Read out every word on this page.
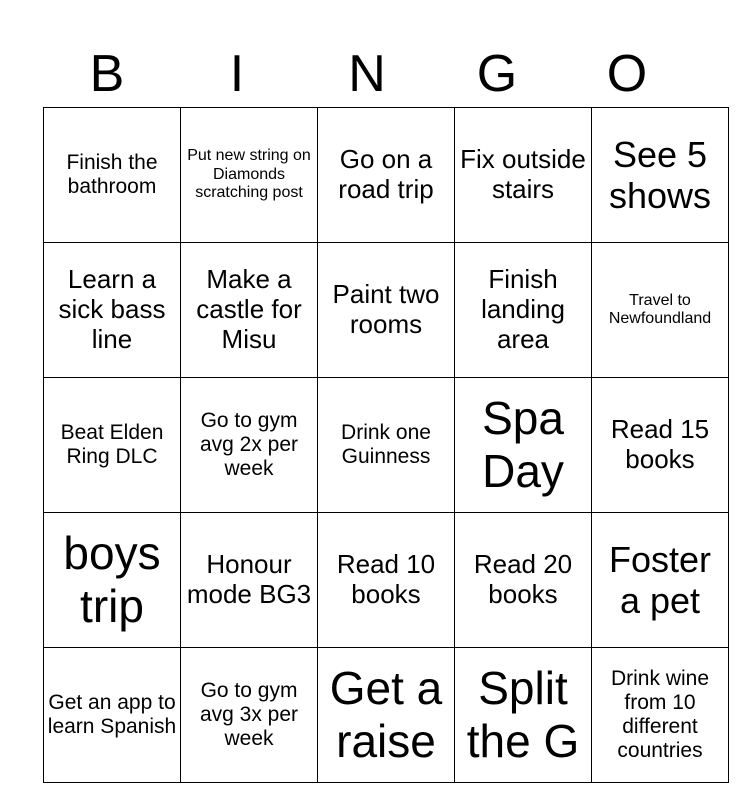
B	I	N	G	O
Finish the bathroom	Put new string on Diamonds scratching post	Go on a road trip	Fix outside stairs	See 5 shows
Learn a sick bass line	Make a castle for Misu	Paint two rooms	Finish landing area	Travel to Newfoundland
Beat Elden Ring DLC	Go to gym avg 2x per week	Drink one Guinness	Spa Day	Read 15 books
boys trip	Honour mode BG3	Read 10 books	Read 20 books	Foster a pet
Get an app to learn Spanish	Go to gym avg 3x per week	Get a raise	Split the G	Drink wine from 10 different countries
